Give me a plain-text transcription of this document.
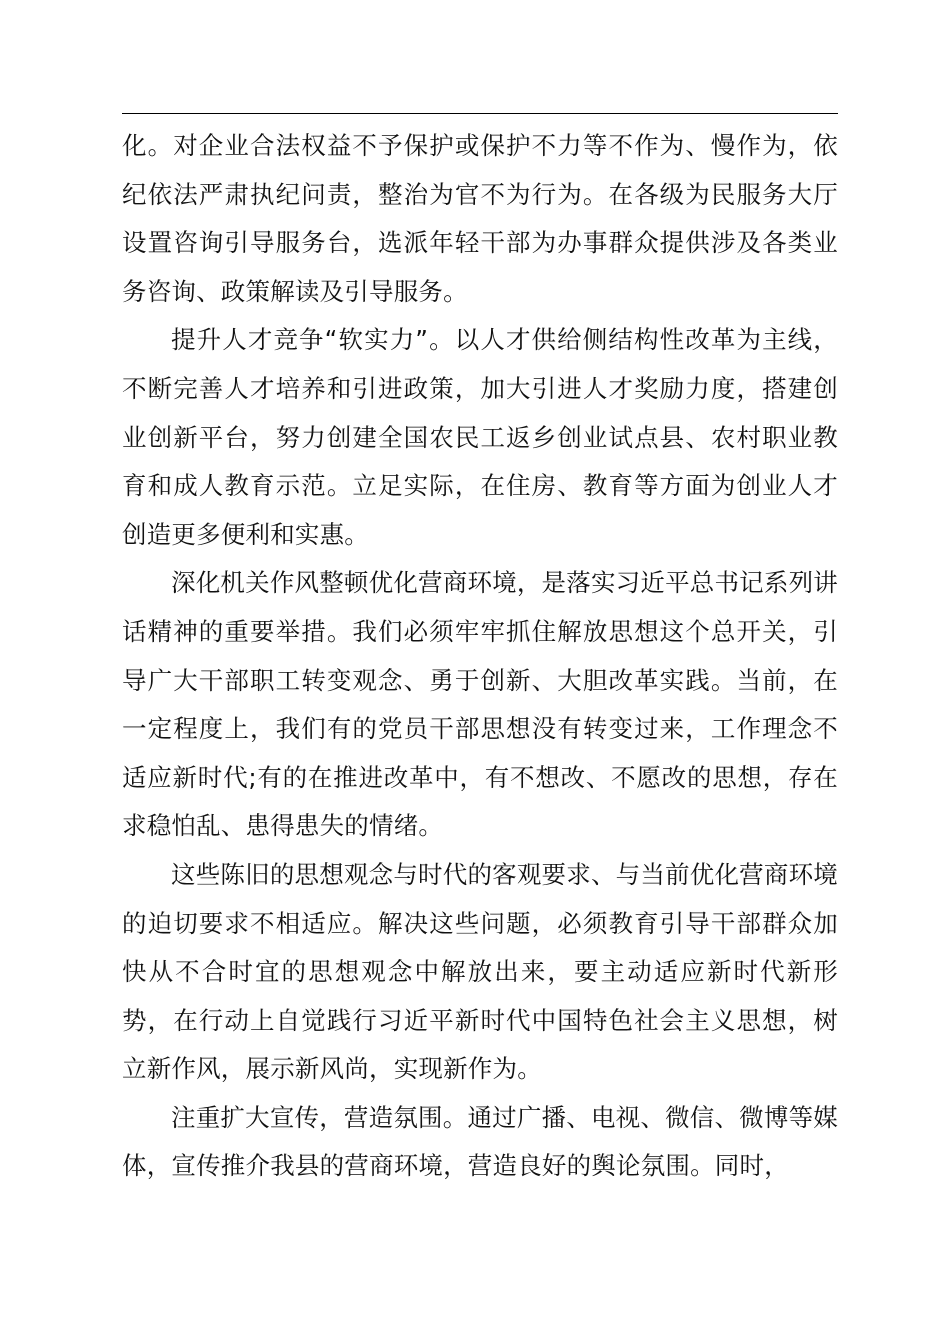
化。对企业合法权益不予保护或保护不力等不作为、慢作为，依纪依法严肃执纪问责，整治为官不为行为。在各级为民服务大厅设置咨询引导服务台，选派年轻干部为办事群众提供涉及各类业务咨询、政策解读及引导服务。

提升人才竞争“软实力”。以人才供给侧结构性改革为主线，不断完善人才培养和引进政策，加大引进人才奖励力度，搭建创业创新平台，努力创建全国农民工返乡创业试点县、农村职业教育和成人教育示范。立足实际，在住房、教育等方面为创业人才创造更多便利和实惠。

深化机关作风整顿优化营商环境，是落实习近平总书记系列讲话精神的重要举措。我们必须牢牢抓住解放思想这个总开关，引导广大干部职工转变观念、勇于创新、大胆改革实践。当前，在一定程度上，我们有的党员干部思想没有转变过来，工作理念不适应新时代;有的在推进改革中，有不想改、不愿改的思想，存在求稳怕乱、患得患失的情绪。

这些陈旧的思想观念与时代的客观要求、与当前优化营商环境的迫切要求不相适应。解决这些问题，必须教育引导干部群众加快从不合时宜的思想观念中解放出来，要主动适应新时代新形势，在行动上自觉践行习近平新时代中国特色社会主义思想，树立新作风，展示新风尚，实现新作为。

注重扩大宣传，营造氛围。通过广播、电视、微信、微博等媒体，宣传推介我县的营商环境，营造良好的舆论氛围。同时，
